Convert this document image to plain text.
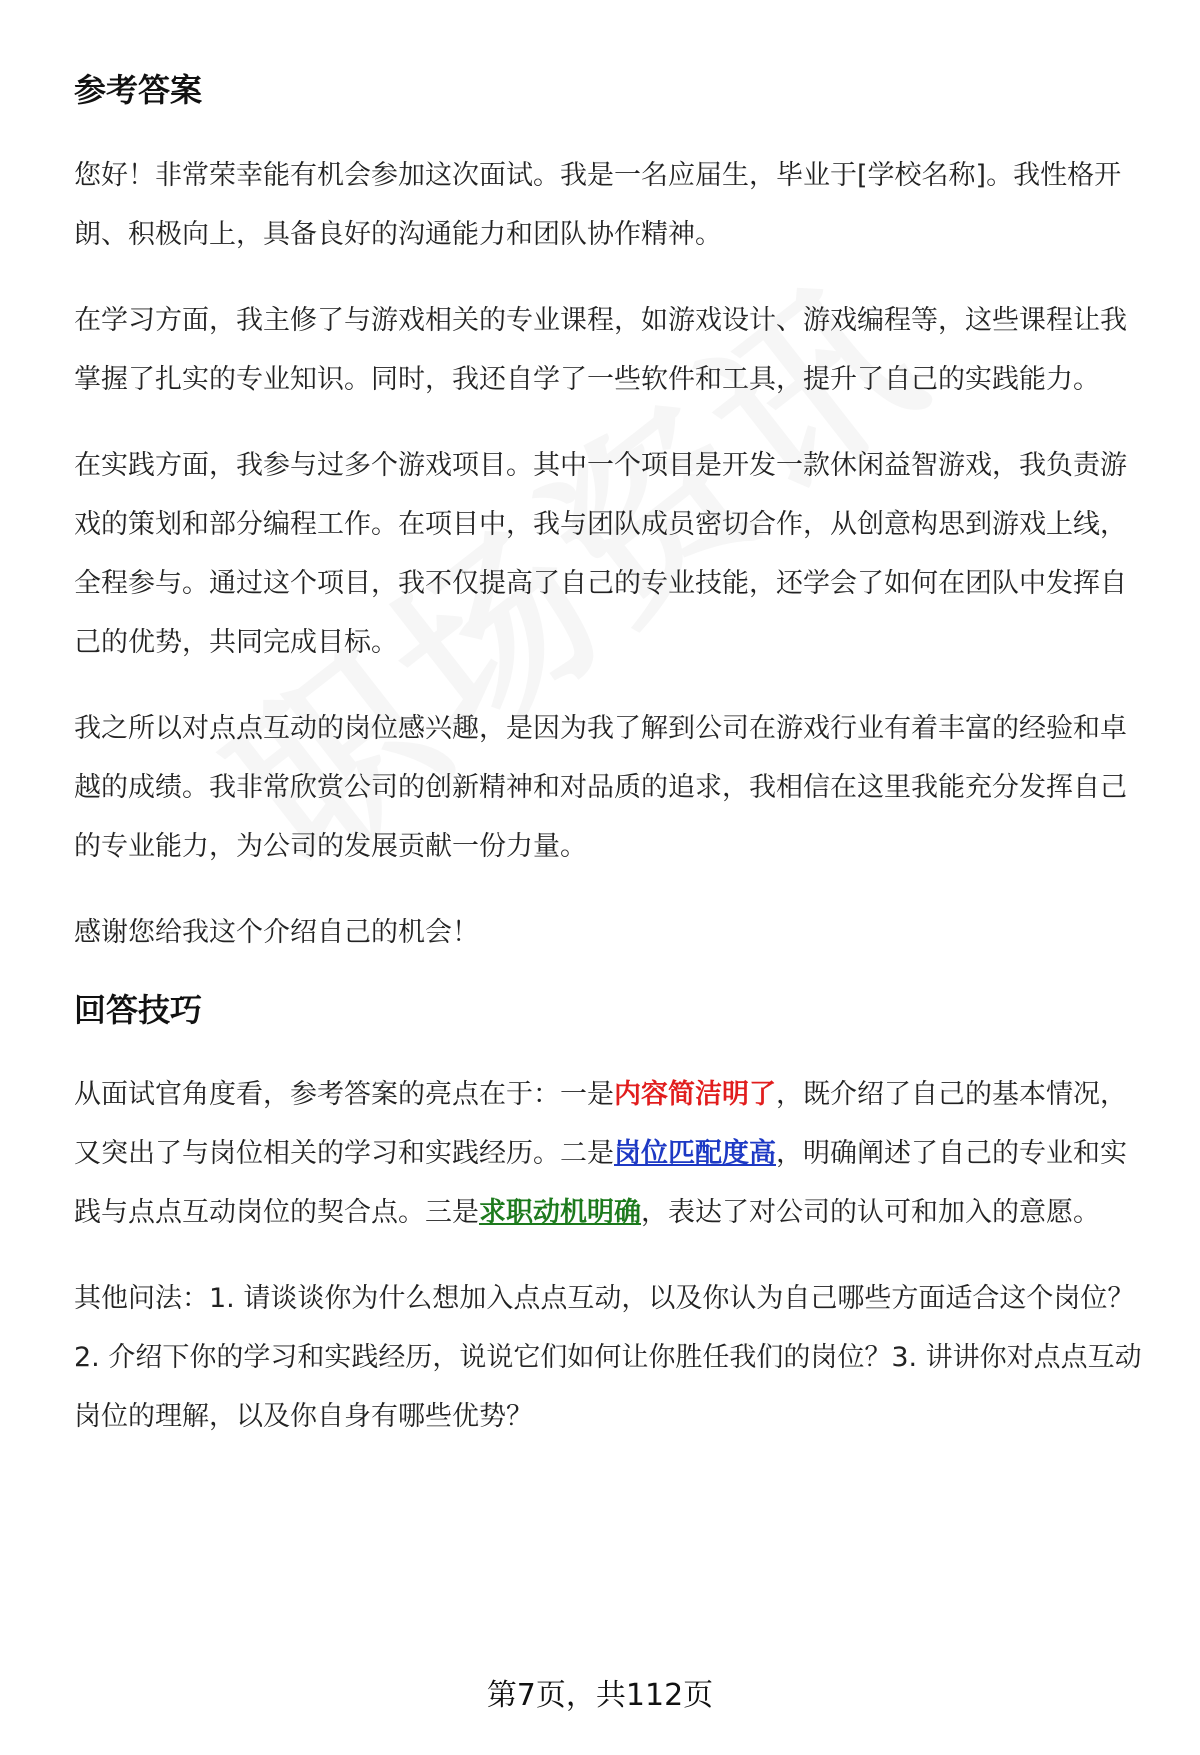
参考答案

您好！非常荣幸能有机会参加这次面试。我是一名应届生，毕业于[学校名称]。我性格开朗、积极向上，具备良好的沟通能力和团队协作精神。

在学习方面，我主修了与游戏相关的专业课程，如游戏设计、游戏编程等，这些课程让我掌握了扎实的专业知识。同时，我还自学了一些软件和工具，提升了自己的实践能力。

在实践方面，我参与过多个游戏项目。其中一个项目是开发一款休闲益智游戏，我负责游戏的策划和部分编程工作。在项目中，我与团队成员密切合作，从创意构思到游戏上线，全程参与。通过这个项目，我不仅提高了自己的专业技能，还学会了如何在团队中发挥自己的优势，共同完成目标。

我之所以对点点互动的岗位感兴趣，是因为我了解到公司在游戏行业有着丰富的经验和卓越的成绩。我非常欣赏公司的创新精神和对品质的追求，我相信在这里我能充分发挥自己的专业能力，为公司的发展贡献一份力量。

感谢您给我这个介绍自己的机会！

回答技巧

从面试官角度看，参考答案的亮点在于：一是内容简洁明了，既介绍了自己的基本情况，又突出了与岗位相关的学习和实践经历。二是岗位匹配度高，明确阐述了自己的专业和实践与点点互动岗位的契合点。三是求职动机明确，表达了对公司的认可和加入的意愿。

其他问法：1. 请谈谈你为什么想加入点点互动，以及你认为自己哪些方面适合这个岗位？2. 介绍下你的学习和实践经历，说说它们如何让你胜任我们的岗位？3. 讲讲你对点点互动岗位的理解，以及你自身有哪些优势？

第7页，共112页
